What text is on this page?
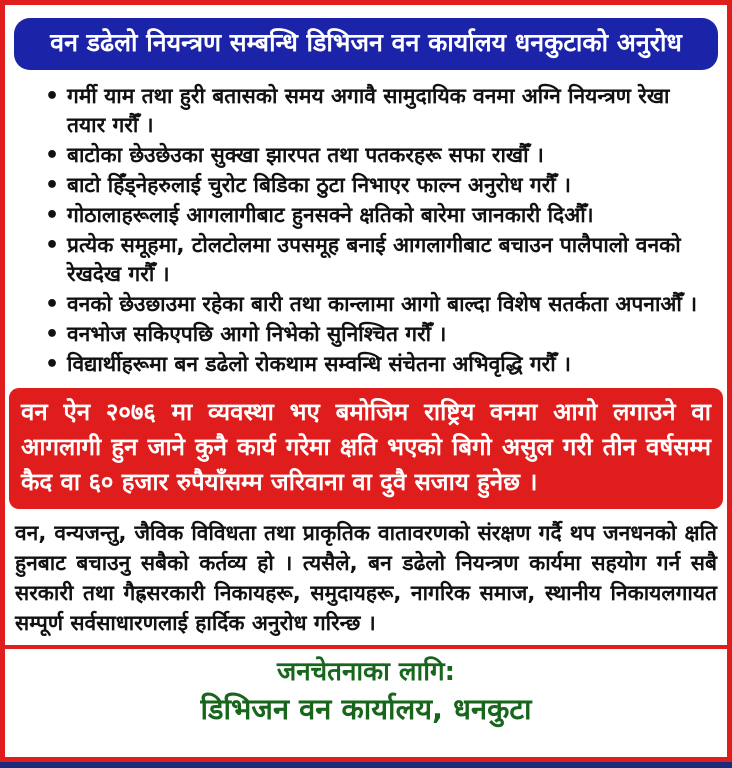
वन डढेलो नियन्त्रण सम्बन्धि डिभिजन वन कार्यालय धनकुटाको अनुरोध
• गर्मी याम तथा हुरी बतासको समय अगावै सामुदायिक वनमा अग्नि नियन्त्रण रेखा तयार गरौँ ।
• बाटोका छेउछेउका सुक्खा झारपत तथा पतकरहरू सफा राखौँ ।
• बाटो हिँड्नेहरुलाई चुरोट बिडिका ठुटा निभाएर फाल्न अनुरोध गरौँ ।
• गोठालाहरूलाई आगलागीबाट हुनसक्ने क्षतिको बारेमा जानकारी दिऔँ।
• प्रत्येक समूहमा, टोलटोलमा उपसमूह बनाई आगलागीबाट बचाउन पालैपालो वनको रेखदेख गरौँ ।
• वनको छेउछाउमा रहेका बारी तथा कान्लामा आगो बाल्दा विशेष सतर्कता अपनाऔँ ।
• वनभोज सकिएपछि आगो निभेको सुनिश्चित गरौँ ।
• विद्यार्थीहरूमा बन डढेलो रोकथाम सम्वन्धि संचेतना अभिवृद्धि गरौँ ।
वन ऐन २०७६ मा व्यवस्था भए बमोजिम राष्ट्रिय वनमा आगो लगाउने वा आगलागी हुन जाने कुनै कार्य गरेमा क्षति भएको बिगो असुल गरी तीन वर्षसम्म कैद वा ६० हजार रुपैयाँसम्म जरिवाना वा दुवै सजाय हुनेछ ।
वन, वन्यजन्तु, जैविक विविधता तथा प्राकृतिक वातावरणको संरक्षण गर्दै थप जनधनको क्षति हुनबाट बचाउनु सबैको कर्तव्य हो । त्यसैले, बन डढेलो नियन्त्रण कार्यमा सहयोग गर्न सबै सरकारी तथा गैह्रसरकारी निकायहरू, समुदायहरू, नागरिक समाज, स्थानीय निकायलगायत सम्पूर्ण सर्वसाधारणलाई हार्दिक अनुरोध गरिन्छ ।
जनचेतनाका लागि:
डिभिजन वन कार्यालय, धनकुटा
